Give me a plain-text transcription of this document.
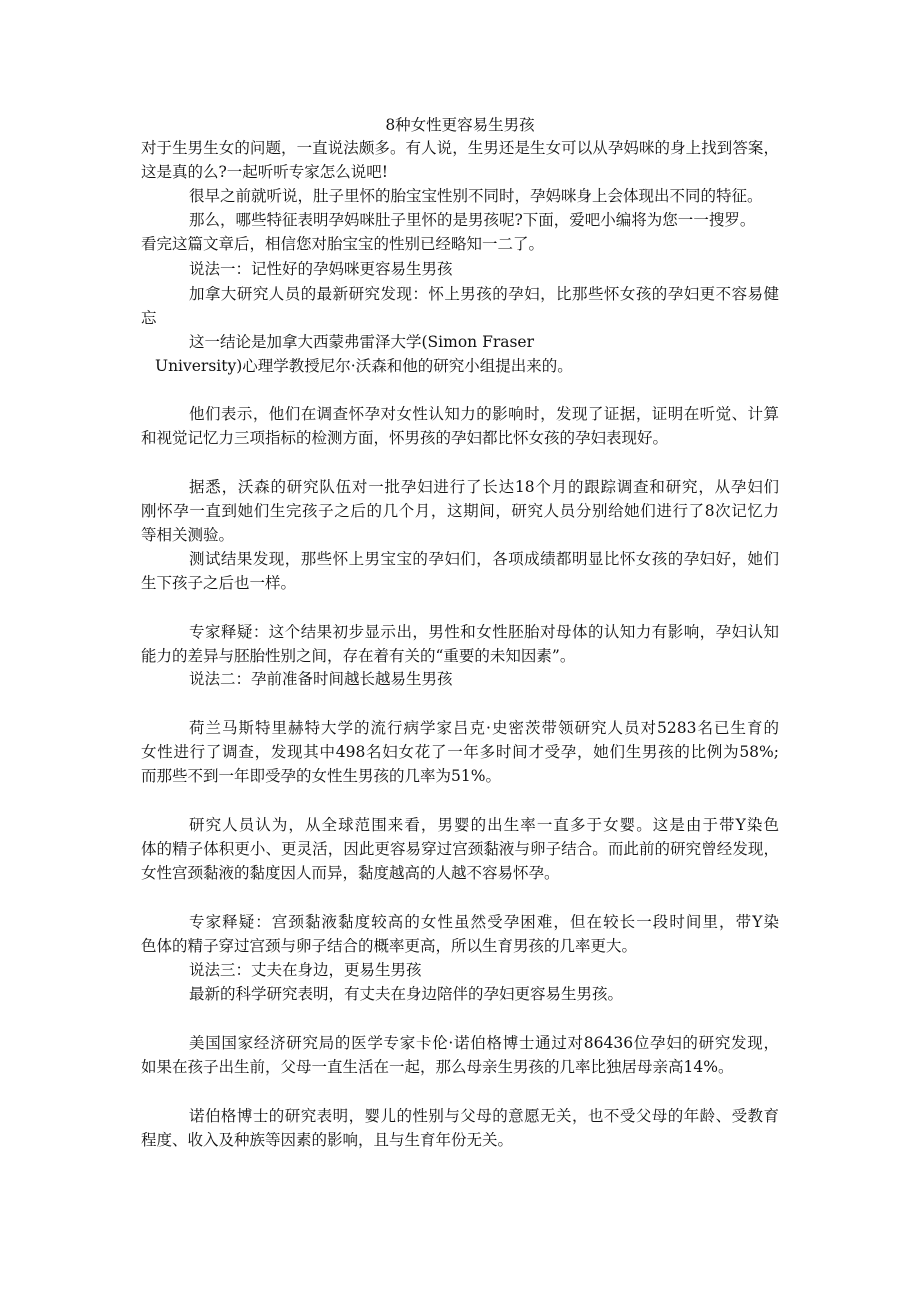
8种女性更容易生男孩
对于生男生女的问题，一直说法颇多。有人说，生男还是生女可以从孕妈咪的身上找到答案，
这是真的么?一起听听专家怎么说吧!
很早之前就听说，肚子里怀的胎宝宝性别不同时，孕妈咪身上会体现出不同的特征。
那么，哪些特征表明孕妈咪肚子里怀的是男孩呢?下面，爱吧小编将为您一一搜罗。
看完这篇文章后，相信您对胎宝宝的性别已经略知一二了。
说法一：记性好的孕妈咪更容易生男孩
加拿大研究人员的最新研究发现：怀上男孩的孕妇，比那些怀女孩的孕妇更不容易健
忘
这一结论是加拿大西蒙弗雷泽大学(Simon Fraser
University)心理学教授尼尔·沃森和他的研究小组提出来的。
他们表示，他们在调查怀孕对女性认知力的影响时，发现了证据，证明在听觉、计算
和视觉记忆力三项指标的检测方面，怀男孩的孕妇都比怀女孩的孕妇表现好。
据悉，沃森的研究队伍对一批孕妇进行了长达18个月的跟踪调查和研究，从孕妇们
刚怀孕一直到她们生完孩子之后的几个月，这期间，研究人员分别给她们进行了8次记忆力
等相关测验。
测试结果发现，那些怀上男宝宝的孕妇们，各项成绩都明显比怀女孩的孕妇好，她们
生下孩子之后也一样。
专家释疑：这个结果初步显示出，男性和女性胚胎对母体的认知力有影响，孕妇认知
能力的差异与胚胎性别之间，存在着有关的“重要的未知因素”。
说法二：孕前准备时间越长越易生男孩
荷兰马斯特里赫特大学的流行病学家吕克·史密茨带领研究人员对5283名已生育的
女性进行了调查，发现其中498名妇女花了一年多时间才受孕，她们生男孩的比例为58%;
而那些不到一年即受孕的女性生男孩的几率为51%。
研究人员认为，从全球范围来看，男婴的出生率一直多于女婴。这是由于带Y染色
体的精子体积更小、更灵活，因此更容易穿过宫颈黏液与卵子结合。而此前的研究曾经发现，
女性宫颈黏液的黏度因人而异，黏度越高的人越不容易怀孕。
专家释疑：宫颈黏液黏度较高的女性虽然受孕困难，但在较长一段时间里，带Y染
色体的精子穿过宫颈与卵子结合的概率更高，所以生育男孩的几率更大。
说法三：丈夫在身边，更易生男孩
最新的科学研究表明，有丈夫在身边陪伴的孕妇更容易生男孩。
美国国家经济研究局的医学专家卡伦·诺伯格博士通过对86436位孕妇的研究发现，
如果在孩子出生前，父母一直生活在一起，那么母亲生男孩的几率比独居母亲高14%。
诺伯格博士的研究表明，婴儿的性别与父母的意愿无关，也不受父母的年龄、受教育
程度、收入及种族等因素的影响，且与生育年份无关。
